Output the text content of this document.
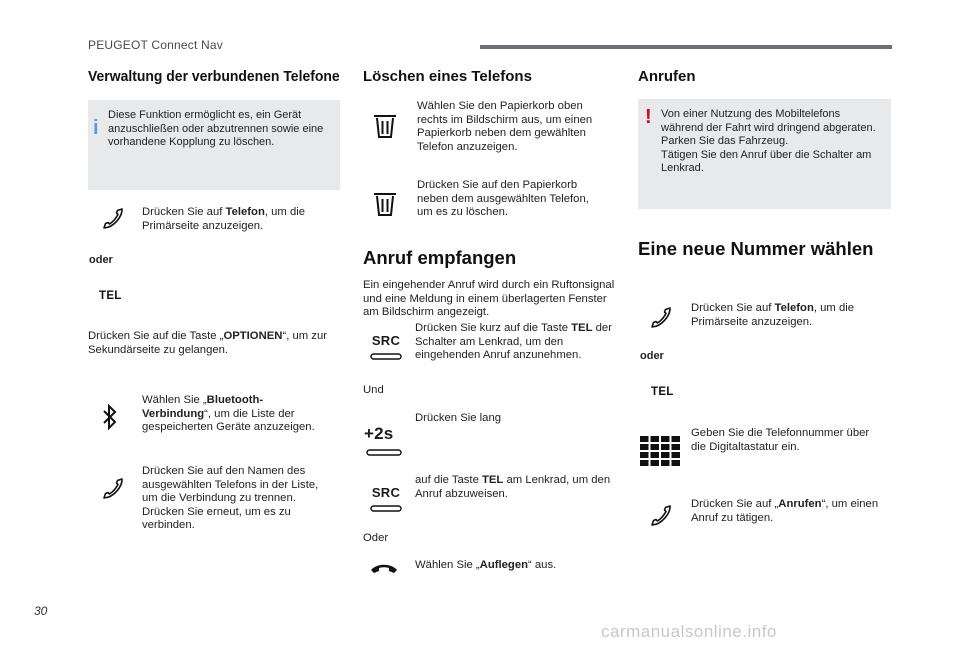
PEUGEOT Connect Nav
Verwaltung der verbundenen Telefone
i
Diese Funktion ermöglicht es, ein Gerät anzuschließen oder abzutrennen sowie eine vorhandene Kopplung zu löschen.
Drücken Sie auf Telefon, um die Primärseite anzuzeigen.
oder
TEL
Drücken Sie auf die Taste „OPTIONEN“, um zur Sekundärseite zu gelangen.
Wählen Sie „Bluetooth-Verbindung“, um die Liste der gespeicherten Geräte anzuzeigen.
Drücken Sie auf den Namen des ausgewählten Telefons in der Liste, um die Verbindung zu trennen. Drücken Sie erneut, um es zu verbinden.
Löschen eines Telefons
Wählen Sie den Papierkorb oben rechts im Bildschirm aus, um einen Papierkorb neben dem gewählten Telefon anzuzeigen.
Drücken Sie auf den Papierkorb neben dem ausgewählten Telefon, um es zu löschen.
Anruf empfangen
Ein eingehender Anruf wird durch ein Ruftonsignal und eine Meldung in einem überlagerten Fenster am Bildschirm angezeigt.
SRC
Drücken Sie kurz auf die Taste TEL der Schalter am Lenkrad, um den eingehenden Anruf anzunehmen.
Und
+2s
Drücken Sie lang
SRC
auf die Taste TEL am Lenkrad, um den Anruf abzuweisen.
Oder
Wählen Sie „Auflegen“ aus.
Anrufen
! Von einer Nutzung des Mobiltelefons während der Fahrt wird dringend abgeraten.
Parken Sie das Fahrzeug.
Tätigen Sie den Anruf über die Schalter am Lenkrad.
Eine neue Nummer wählen
Drücken Sie auf Telefon, um die Primärseite anzuzeigen.
oder
TEL
Geben Sie die Telefonnummer über die Digitaltastatur ein.
Drücken Sie auf „Anrufen“, um einen Anruf zu tätigen.
30
carmanualsonline.info
